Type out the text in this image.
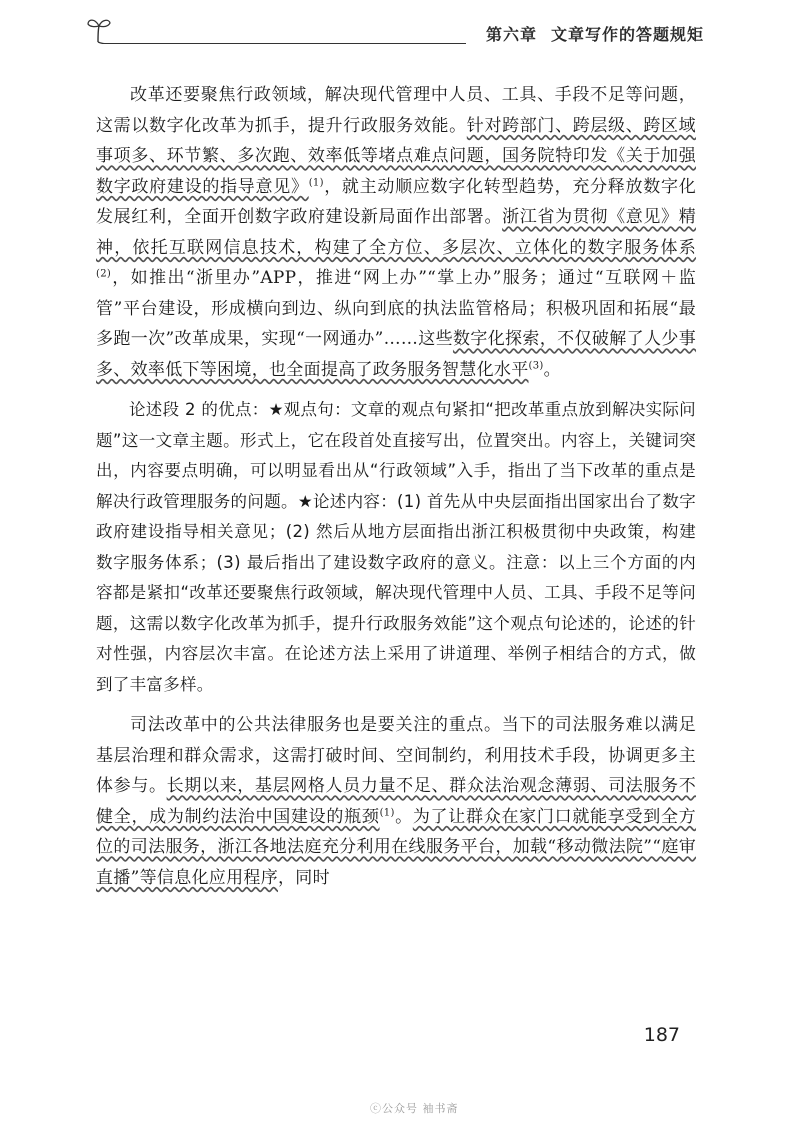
第六章 文章写作的答题规矩

改革还要聚焦行政领域，解决现代管理中人员、工具、手段不足等问题，这需以数字化改革为抓手，提升行政服务效能。针对跨部门、跨层级、跨区域事项多、环节繁、多次跑、效率低等堵点难点问题，国务院特印发《关于加强数字政府建设的指导意见》$^{(1)}$，就主动顺应数字化转型趋势，充分释放数字化发展红利，全面开创数字政府建设新局面作出部署。浙江省为贯彻《意见》精神，依托互联网信息技术，构建了全方位、多层次、立体化的数字服务体系$^{(2)}$，如推出“浙里办”APP，推进“网上办”“掌上办”服务；通过“互联网＋监管”平台建设，形成横向到边、纵向到底的执法监管格局；积极巩固和拓展“最多跑一次”改革成果，实现“一网通办”……这些数字化探索，不仅破解了人少事多、效率低下等困境，也全面提高了政务服务智慧化水平$^{(3)}$。

论述段 2 的优点：★观点句：文章的观点句紧扣“把改革重点放到解决实际问题”这一文章主题。形式上，它在段首处直接写出，位置突出。内容上，关键词突出，内容要点明确，可以明显看出从“行政领域”入手，指出了当下改革的重点是解决行政管理服务的问题。★论述内容：(1) 首先从中央层面指出国家出台了数字政府建设指导相关意见；(2) 然后从地方层面指出浙江积极贯彻中央政策，构建数字服务体系；(3) 最后指出了建设数字政府的意义。注意：以上三个方面的内容都是紧扣“改革还要聚焦行政领域，解决现代管理中人员、工具、手段不足等问题，这需以数字化改革为抓手，提升行政服务效能”这个观点句论述的，论述的针对性强，内容层次丰富。在论述方法上采用了讲道理、举例子相结合的方式，做到了丰富多样。

司法改革中的公共法律服务也是要关注的重点。当下的司法服务难以满足基层治理和群众需求，这需打破时间、空间制约，利用技术手段，协调更多主体参与。长期以来，基层网格人员力量不足、群众法治观念薄弱、司法服务不健全，成为制约法治中国建设的瓶颈$^{(1)}$。为了让群众在家门口就能享受到全方位的司法服务，浙江各地法庭充分利用在线服务平台，加载“移动微法院”“庭审直播”等信息化应用程序，同时

187
ⓒ公众号 袖书斋
